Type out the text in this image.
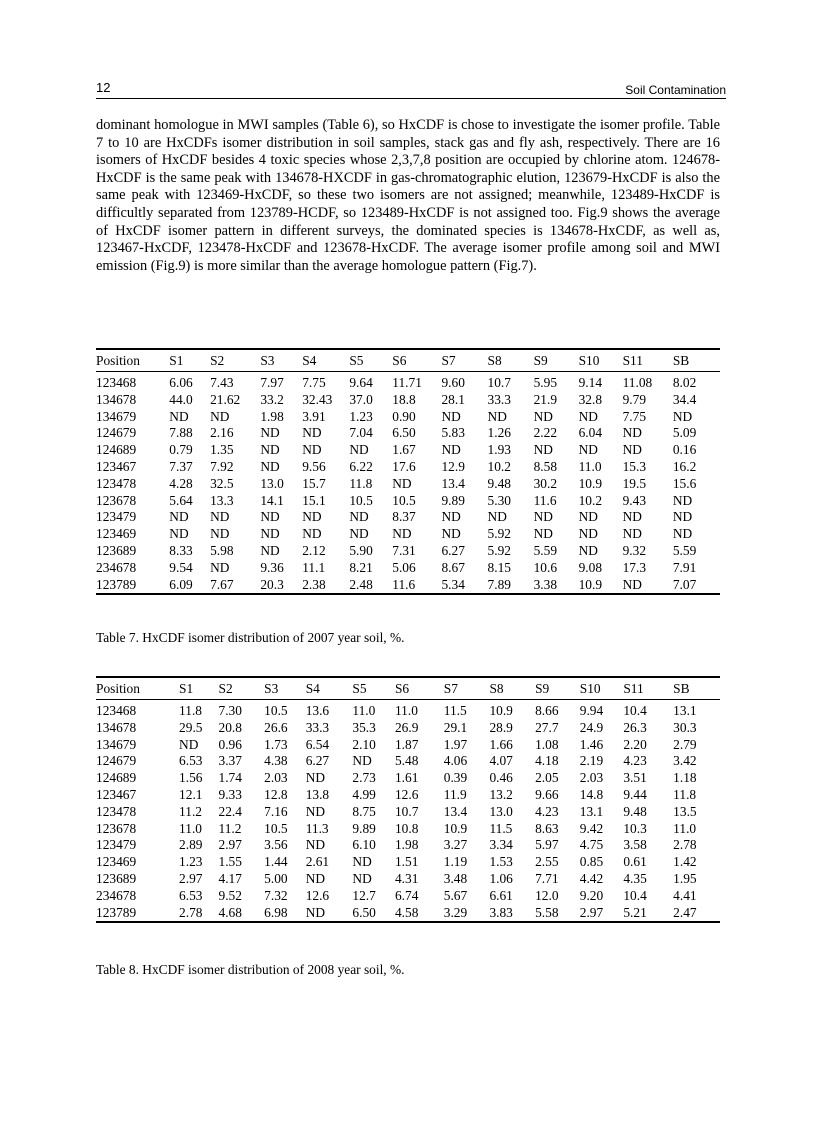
12	Soil Contamination

dominant homologue in MWI samples (Table 6), so HxCDF is chose to investigate the isomer profile. Table 7 to 10 are HxCDFs isomer distribution in soil samples, stack gas and fly ash, respectively. There are 16 isomers of HxCDF besides 4 toxic species whose 2,3,7,8 position are occupied by chlorine atom. 124678-HxCDF is the same peak with 134678-HXCDF in gas-chromatographic elution, 123679-HxCDF is also the same peak with 123469-HxCDF, so these two isomers are not assigned; meanwhile, 123489-HxCDF is difficultly separated from 123789-HCDF, so 123489-HxCDF is not assigned too. Fig.9 shows the average of HxCDF isomer pattern in different surveys, the dominated species is 134678-HxCDF, as well as, 123467-HxCDF, 123478-HxCDF and 123678-HxCDF. The average isomer profile among soil and MWI emission (Fig.9) is more similar than the average homologue pattern (Fig.7).

Position	S1	S2	S3	S4	S5	S6	S7	S8	S9	S10	S11	SB
123468	6.06	7.43	7.97	7.75	9.64	11.71	9.60	10.7	5.95	9.14	11.08	8.02
134678	44.0	21.62	33.2	32.43	37.0	18.8	28.1	33.3	21.9	32.8	9.79	34.4
134679	ND	ND	1.98	3.91	1.23	0.90	ND	ND	ND	ND	7.75	ND
124679	7.88	2.16	ND	ND	7.04	6.50	5.83	1.26	2.22	6.04	ND	5.09
124689	0.79	1.35	ND	ND	ND	1.67	ND	1.93	ND	ND	ND	0.16
123467	7.37	7.92	ND	9.56	6.22	17.6	12.9	10.2	8.58	11.0	15.3	16.2
123478	4.28	32.5	13.0	15.7	11.8	ND	13.4	9.48	30.2	10.9	19.5	15.6
123678	5.64	13.3	14.1	15.1	10.5	10.5	9.89	5.30	11.6	10.2	9.43	ND
123479	ND	ND	ND	ND	ND	8.37	ND	ND	ND	ND	ND	ND
123469	ND	ND	ND	ND	ND	ND	ND	5.92	ND	ND	ND	ND
123689	8.33	5.98	ND	2.12	5.90	7.31	6.27	5.92	5.59	ND	9.32	5.59
234678	9.54	ND	9.36	11.1	8.21	5.06	8.67	8.15	10.6	9.08	17.3	7.91
123789	6.09	7.67	20.3	2.38	2.48	11.6	5.34	7.89	3.38	10.9	ND	7.07
Table 7. HxCDF isomer distribution of 2007 year soil, %.
Position	S1	S2	S3	S4	S5	S6	S7	S8	S9	S10	S11	SB
123468	11.8	7.30	10.5	13.6	11.0	11.0	11.5	10.9	8.66	9.94	10.4	13.1
134678	29.5	20.8	26.6	33.3	35.3	26.9	29.1	28.9	27.7	24.9	26.3	30.3
134679	ND	0.96	1.73	6.54	2.10	1.87	1.97	1.66	1.08	1.46	2.20	2.79
124679	6.53	3.37	4.38	6.27	ND	5.48	4.06	4.07	4.18	2.19	4.23	3.42
124689	1.56	1.74	2.03	ND	2.73	1.61	0.39	0.46	2.05	2.03	3.51	1.18
123467	12.1	9.33	12.8	13.8	4.99	12.6	11.9	13.2	9.66	14.8	9.44	11.8
123478	11.2	22.4	7.16	ND	8.75	10.7	13.4	13.0	4.23	13.1	9.48	13.5
123678	11.0	11.2	10.5	11.3	9.89	10.8	10.9	11.5	8.63	9.42	10.3	11.0
123479	2.89	2.97	3.56	ND	6.10	1.98	3.27	3.34	5.97	4.75	3.58	2.78
123469	1.23	1.55	1.44	2.61	ND	1.51	1.19	1.53	2.55	0.85	0.61	1.42
123689	2.97	4.17	5.00	ND	ND	4.31	3.48	1.06	7.71	4.42	4.35	1.95
234678	6.53	9.52	7.32	12.6	12.7	6.74	5.67	6.61	12.0	9.20	10.4	4.41
123789	2.78	4.68	6.98	ND	6.50	4.58	3.29	3.83	5.58	2.97	5.21	2.47
Table 8. HxCDF isomer distribution of 2008 year soil, %.
